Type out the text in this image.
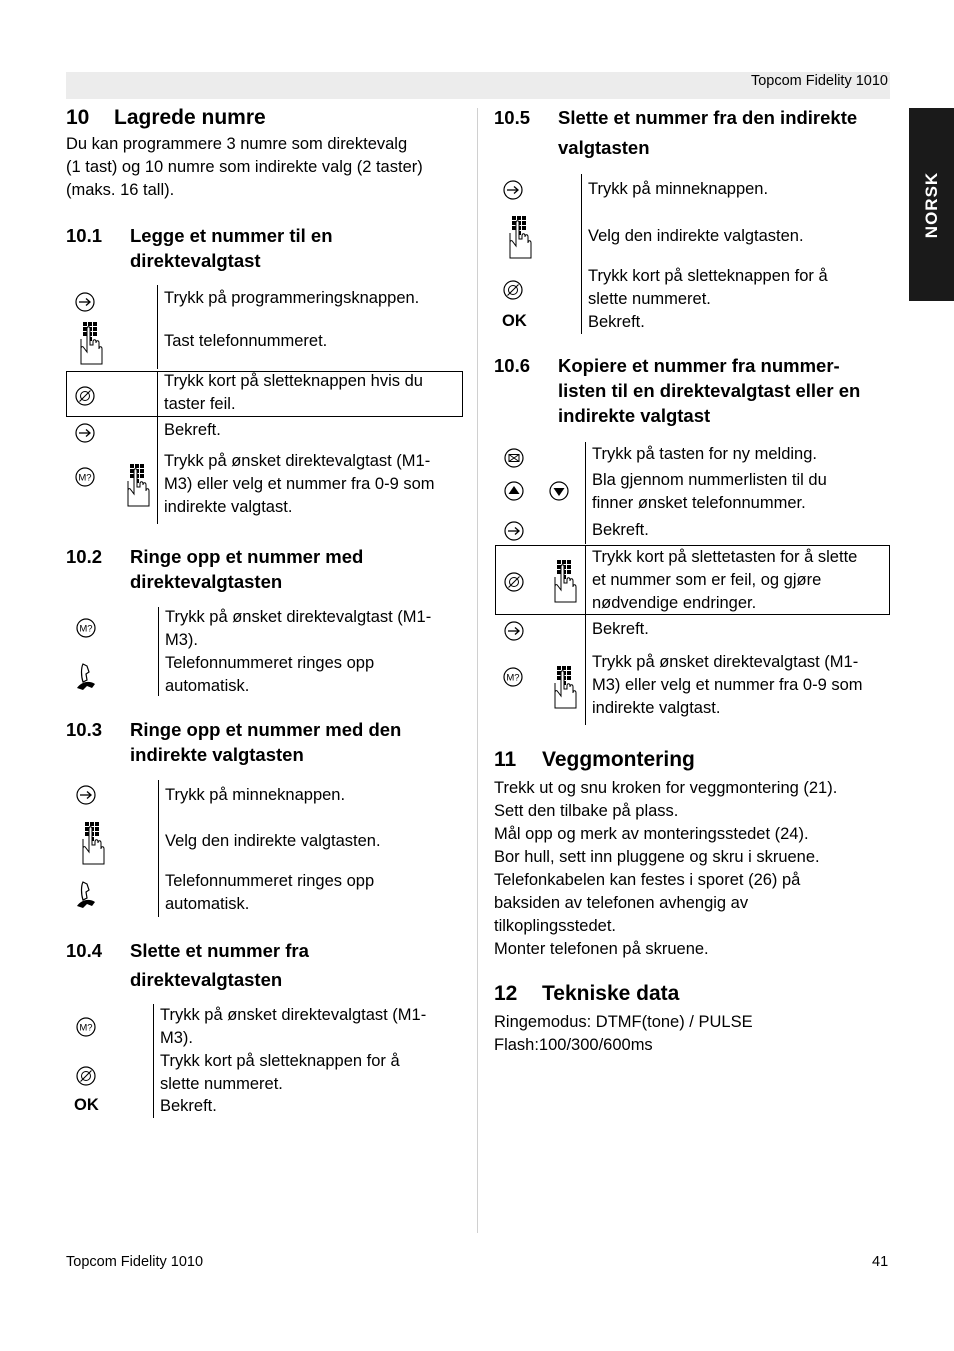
Topcom Fidelity 1010
NORSK
10 Lagrede numre

Du kan programmere 3 numre som direktevalg
(1 tast) og 10 numre som indirekte valg (2 taster)
(maks. 16 tall).

10.1 Legge et nummer til en
direktevalgtast
Trykk på programmeringsknappen.
Tast telefonnummeret.
Trykk kort på sletteknappen hvis du
taster feil.
Bekreft.
Trykk på ønsket direktevalgtast (M1-
M3) eller velg et nummer fra 0-9 som
indirekte valgtast.
10.2 Ringe opp et nummer med
direktevalgtasten
Trykk på ønsket direktevalgtast (M1-
M3).
Telefonnummeret ringes opp
automatisk.
10.3 Ringe opp et nummer med den
indirekte valgtasten
Trykk på minneknappen.
Velg den indirekte valgtasten.
Telefonnummeret ringes opp
automatisk.
10.4 Slette et nummer fra
direktevalgtasten
OK
Trykk på ønsket direktevalgtast (M1-
M3).
Trykk kort på sletteknappen for å
slette nummeret.
Bekreft.
10.5 Slette et nummer fra den indirekte
valgtasten
OK
Trykk på minneknappen.
Velg den indirekte valgtasten.
Trykk kort på sletteknappen for å
slette nummeret.
Bekreft.
10.6 Kopiere et nummer fra nummer-
listen til en direktevalgtast eller en
indirekte valgtast
Trykk på tasten for ny melding.
Bla gjennom nummerlisten til du
finner ønsket telefonnummer.
Bekreft.
Trykk kort på slettetasten for å slette
et nummer som er feil, og gjøre
nødvendige endringer.
Bekreft.
Trykk på ønsket direktevalgtast (M1-
M3) eller velg et nummer fra 0-9 som
indirekte valgtast.
11 Veggmontering

Trekk ut og snu kroken for veggmontering (21).
Sett den tilbake på plass.
Mål opp og merk av monteringsstedet (24).
Bor hull, sett inn pluggene og skru i skruene.
Telefonkabelen kan festes i sporet (26) på
baksiden av telefonen avhengig av
tilkoplingsstedet.
Monter telefonen på skruene.

12 Tekniske data

Ringemodus: DTMF(tone) / PULSE
Flash:100/300/600ms

Topcom Fidelity 1010	41
